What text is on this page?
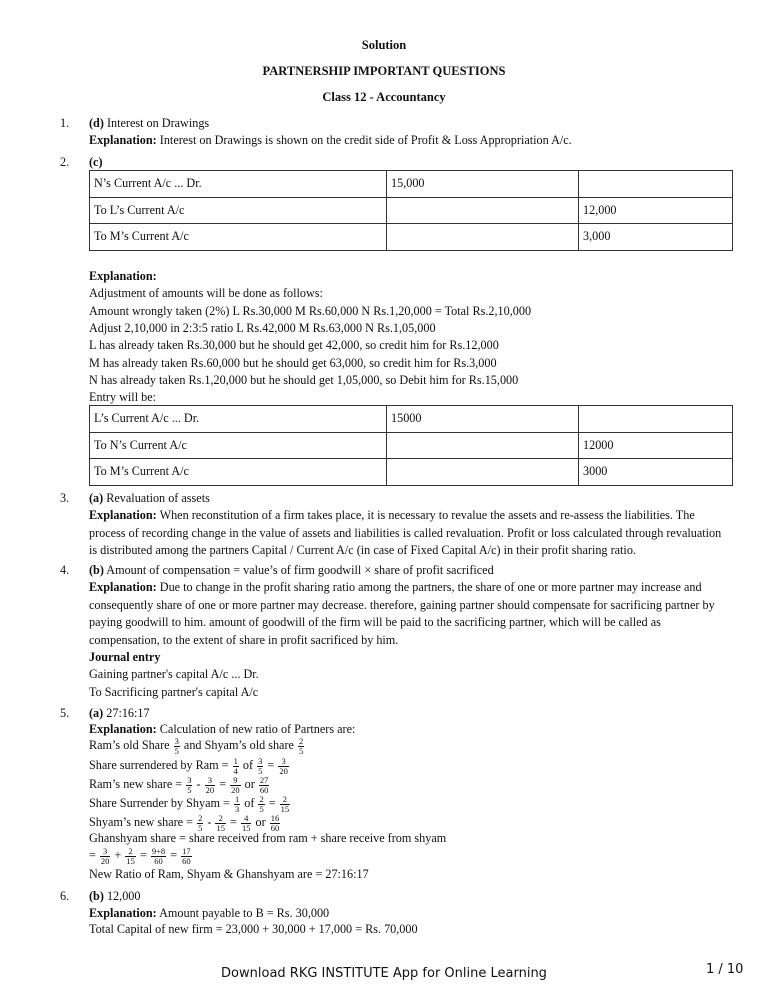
Solution
PARTNERSHIP IMPORTANT QUESTIONS
Class 12 - Accountancy
1. (d) Interest on Drawings
Explanation: Interest on Drawings is shown on the credit side of Profit & Loss Appropriation A/c.
2. (c)
N’s Current A/c ... Dr.	15,000	
To L’s Current A/c		12,000
To M’s Current A/c		3,000
Explanation:
Adjustment of amounts will be done as follows:
Amount wrongly taken (2%) L Rs.30,000 M Rs.60,000 N Rs.1,20,000 = Total Rs.2,10,000
Adjust 2,10,000 in 2:3:5 ratio L Rs.42,000 M Rs.63,000 N Rs.1,05,000
L has already taken Rs.30,000 but he should get 42,000, so credit him for Rs.12,000
M has already taken Rs.60,000 but he should get 63,000, so credit him for Rs.3,000
N has already taken Rs.1,20,000 but he should get 1,05,000, so Debit him for Rs.15,000
Entry will be:
L’s Current A/c ... Dr.	15000	
To N’s Current A/c		12000
To M’s Current A/c		3000
3. (a) Revaluation of assets
Explanation: When reconstitution of a firm takes place, it is necessary to revalue the assets and re-assess the liabilities. The process of recording change in the value of assets and liabilities is called revaluation. Profit or loss calculated through revaluation is distributed among the partners Capital / Current A/c (in case of Fixed Capital A/c) in their profit sharing ratio.
4. (b) Amount of compensation = value’s of firm goodwill × share of profit sacrificed
Explanation: Due to change in the profit sharing ratio among the partners, the share of one or more partner may increase and consequently share of one or more partner may decrease. therefore, gaining partner should compensate for sacrificing partner by paying goodwill to him. amount of goodwill of the firm will be paid to the sacrificing partner, which will be called as compensation, to the extent of share in profit sacrificed by him.
Journal entry
Gaining partner's capital A/c ... Dr.
To Sacrificing partner's capital A/c
5. (a) 27:16:17
Explanation: Calculation of new ratio of Partners are:
Ram’s old Share $\frac{3}{5}$ and Shyam’s old share $\frac{2}{5}$
Share surrendered by Ram = $\frac{1}{4}$ of $\frac{3}{5} = \frac{3}{20}$
Ram’s new share = $\frac{3}{5} - \frac{3}{20} = \frac{9}{20}$ or $\frac{27}{60}$
Share Surrender by Shyam = $\frac{1}{3}$ of $\frac{2}{5} = \frac{2}{15}$
Shyam’s new share = $\frac{2}{5} - \frac{2}{15} = \frac{4}{15}$ or $\frac{16}{60}$
Ghanshyam share = share received from ram + share receive from shyam
= $\frac{3}{20} + \frac{2}{15} = \frac{9+8}{60} = \frac{17}{60}$
New Ratio of Ram, Shyam & Ghanshyam are = 27:16:17
6. (b) 12,000
Explanation: Amount payable to B = Rs. 30,000
Total Capital of new firm = 23,000 + 30,000 + 17,000 = Rs. 70,000
Download RKG INSTITUTE App for Online Learning	1 / 10
